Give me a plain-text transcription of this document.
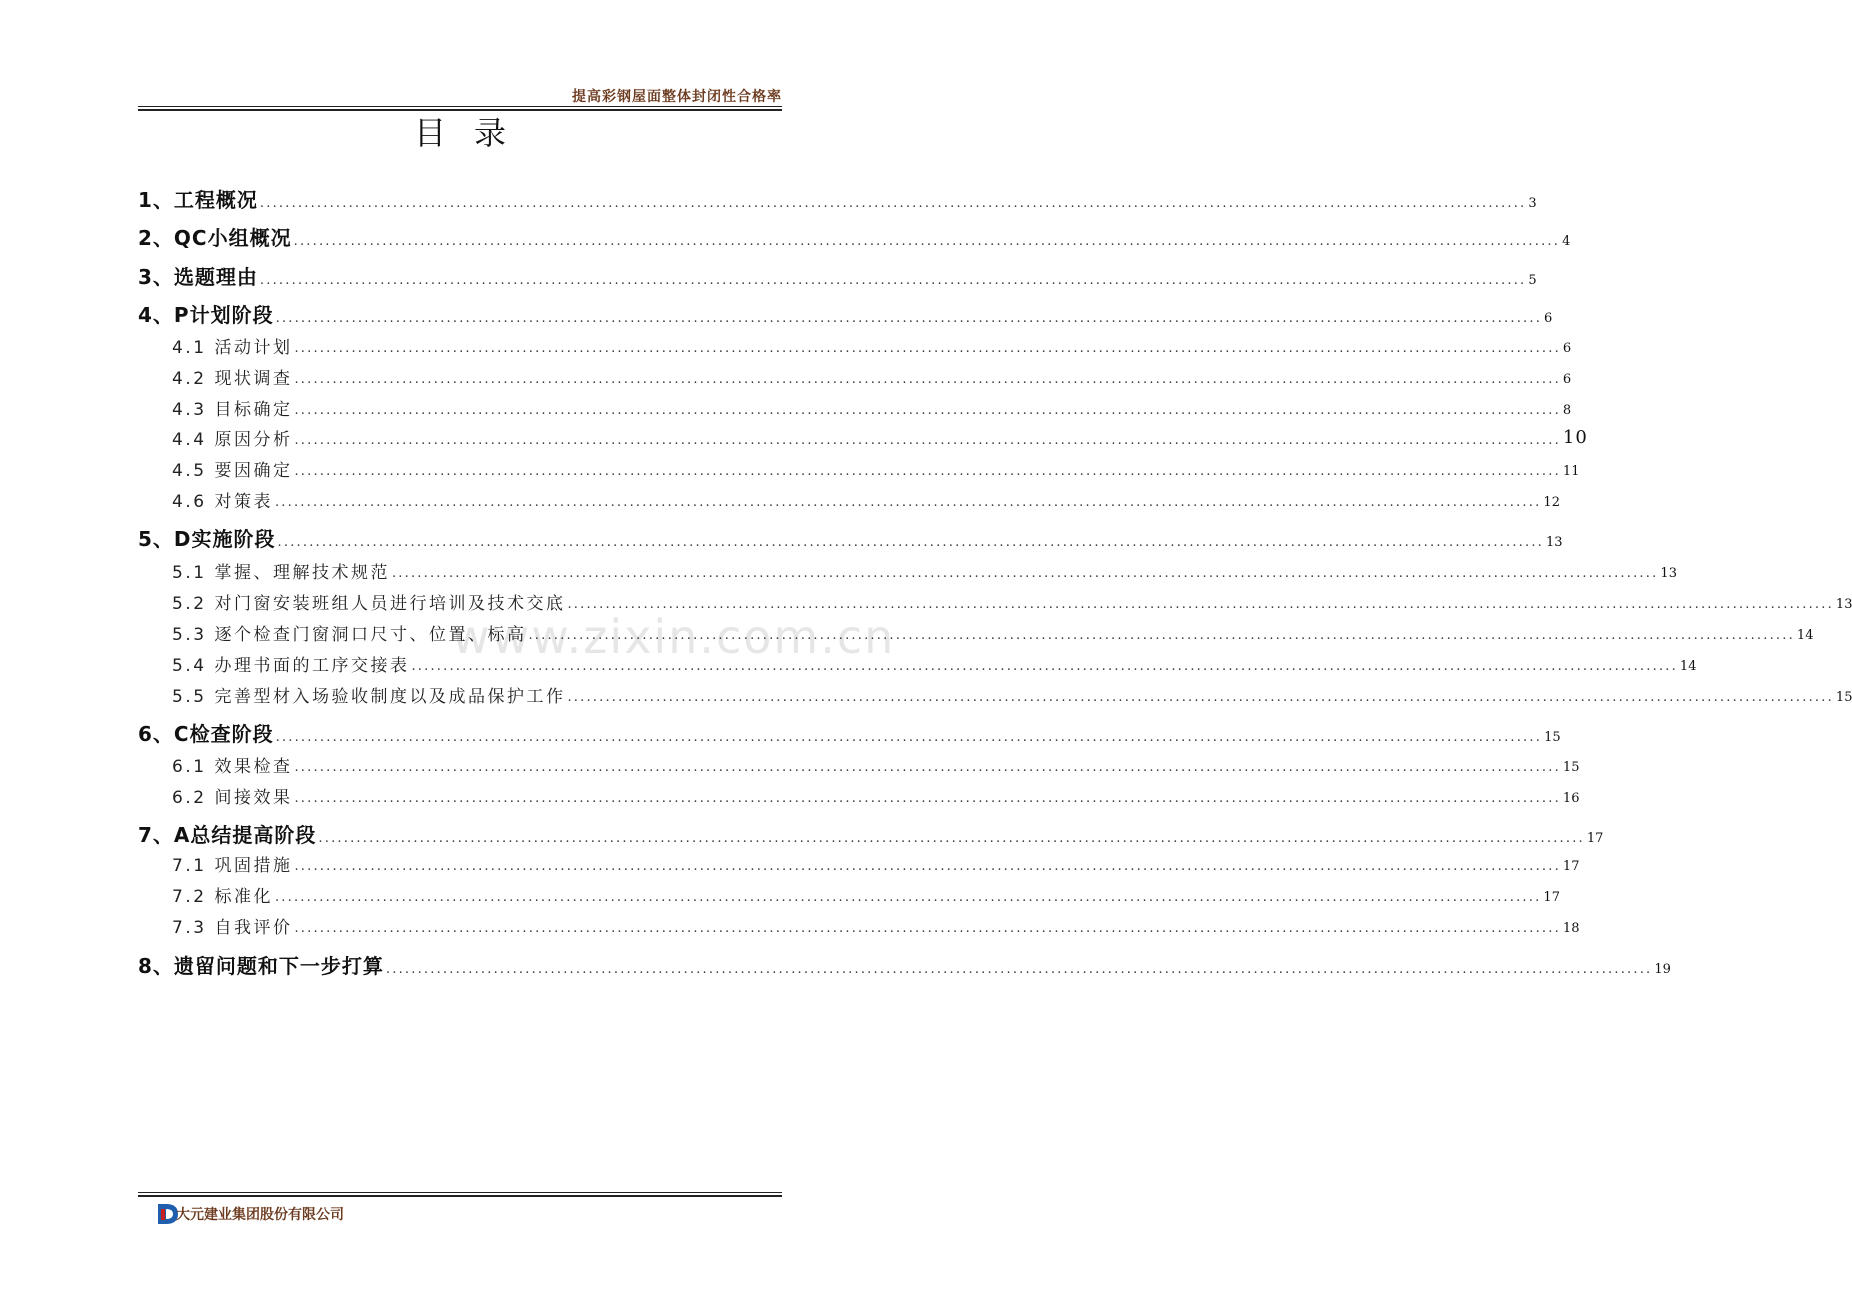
提高彩钢屋面整体封闭性合格率
目录
www.zixin.com.cn
1、工程概况 ........................................................................................................................................................................................................ 3
2、QC小组概况 ........................................................................................................................................................................................................ 4
3、选题理由 ........................................................................................................................................................................................................ 5
4、P计划阶段 ........................................................................................................................................................................................................ 6
4.1 活动计划 ........................................................................................................................................................................................................ 6
4.2 现状调查 ........................................................................................................................................................................................................ 6
4.3 目标确定 ........................................................................................................................................................................................................ 8
4.4 原因分析 ........................................................................................................................................................................................................ 10
4.5 要因确定 ........................................................................................................................................................................................................ 11
4.6 对策表 ........................................................................................................................................................................................................ 12
5、D实施阶段 ........................................................................................................................................................................................................ 13
5.1 掌握、理解技术规范 ........................................................................................................................................................................................................ 13
5.2 对门窗安装班组人员进行培训及技术交底 ........................................................................................................................................................................................................ 13
5.3 逐个检查门窗洞口尺寸、位置、标高 ........................................................................................................................................................................................................ 14
5.4 办理书面的工序交接表 ........................................................................................................................................................................................................ 14
5.5 完善型材入场验收制度以及成品保护工作 ........................................................................................................................................................................................................ 15
6、C检查阶段 ........................................................................................................................................................................................................ 15
6.1 效果检查 ........................................................................................................................................................................................................ 15
6.2 间接效果 ........................................................................................................................................................................................................ 16
7、A总结提高阶段 ........................................................................................................................................................................................................ 17
7.1 巩固措施 ........................................................................................................................................................................................................ 17
7.2 标准化 ........................................................................................................................................................................................................ 17
7.3 自我评价 ........................................................................................................................................................................................................ 18
8、遗留问题和下一步打算 ........................................................................................................................................................................................................ 19
大元建业集团股份有限公司
